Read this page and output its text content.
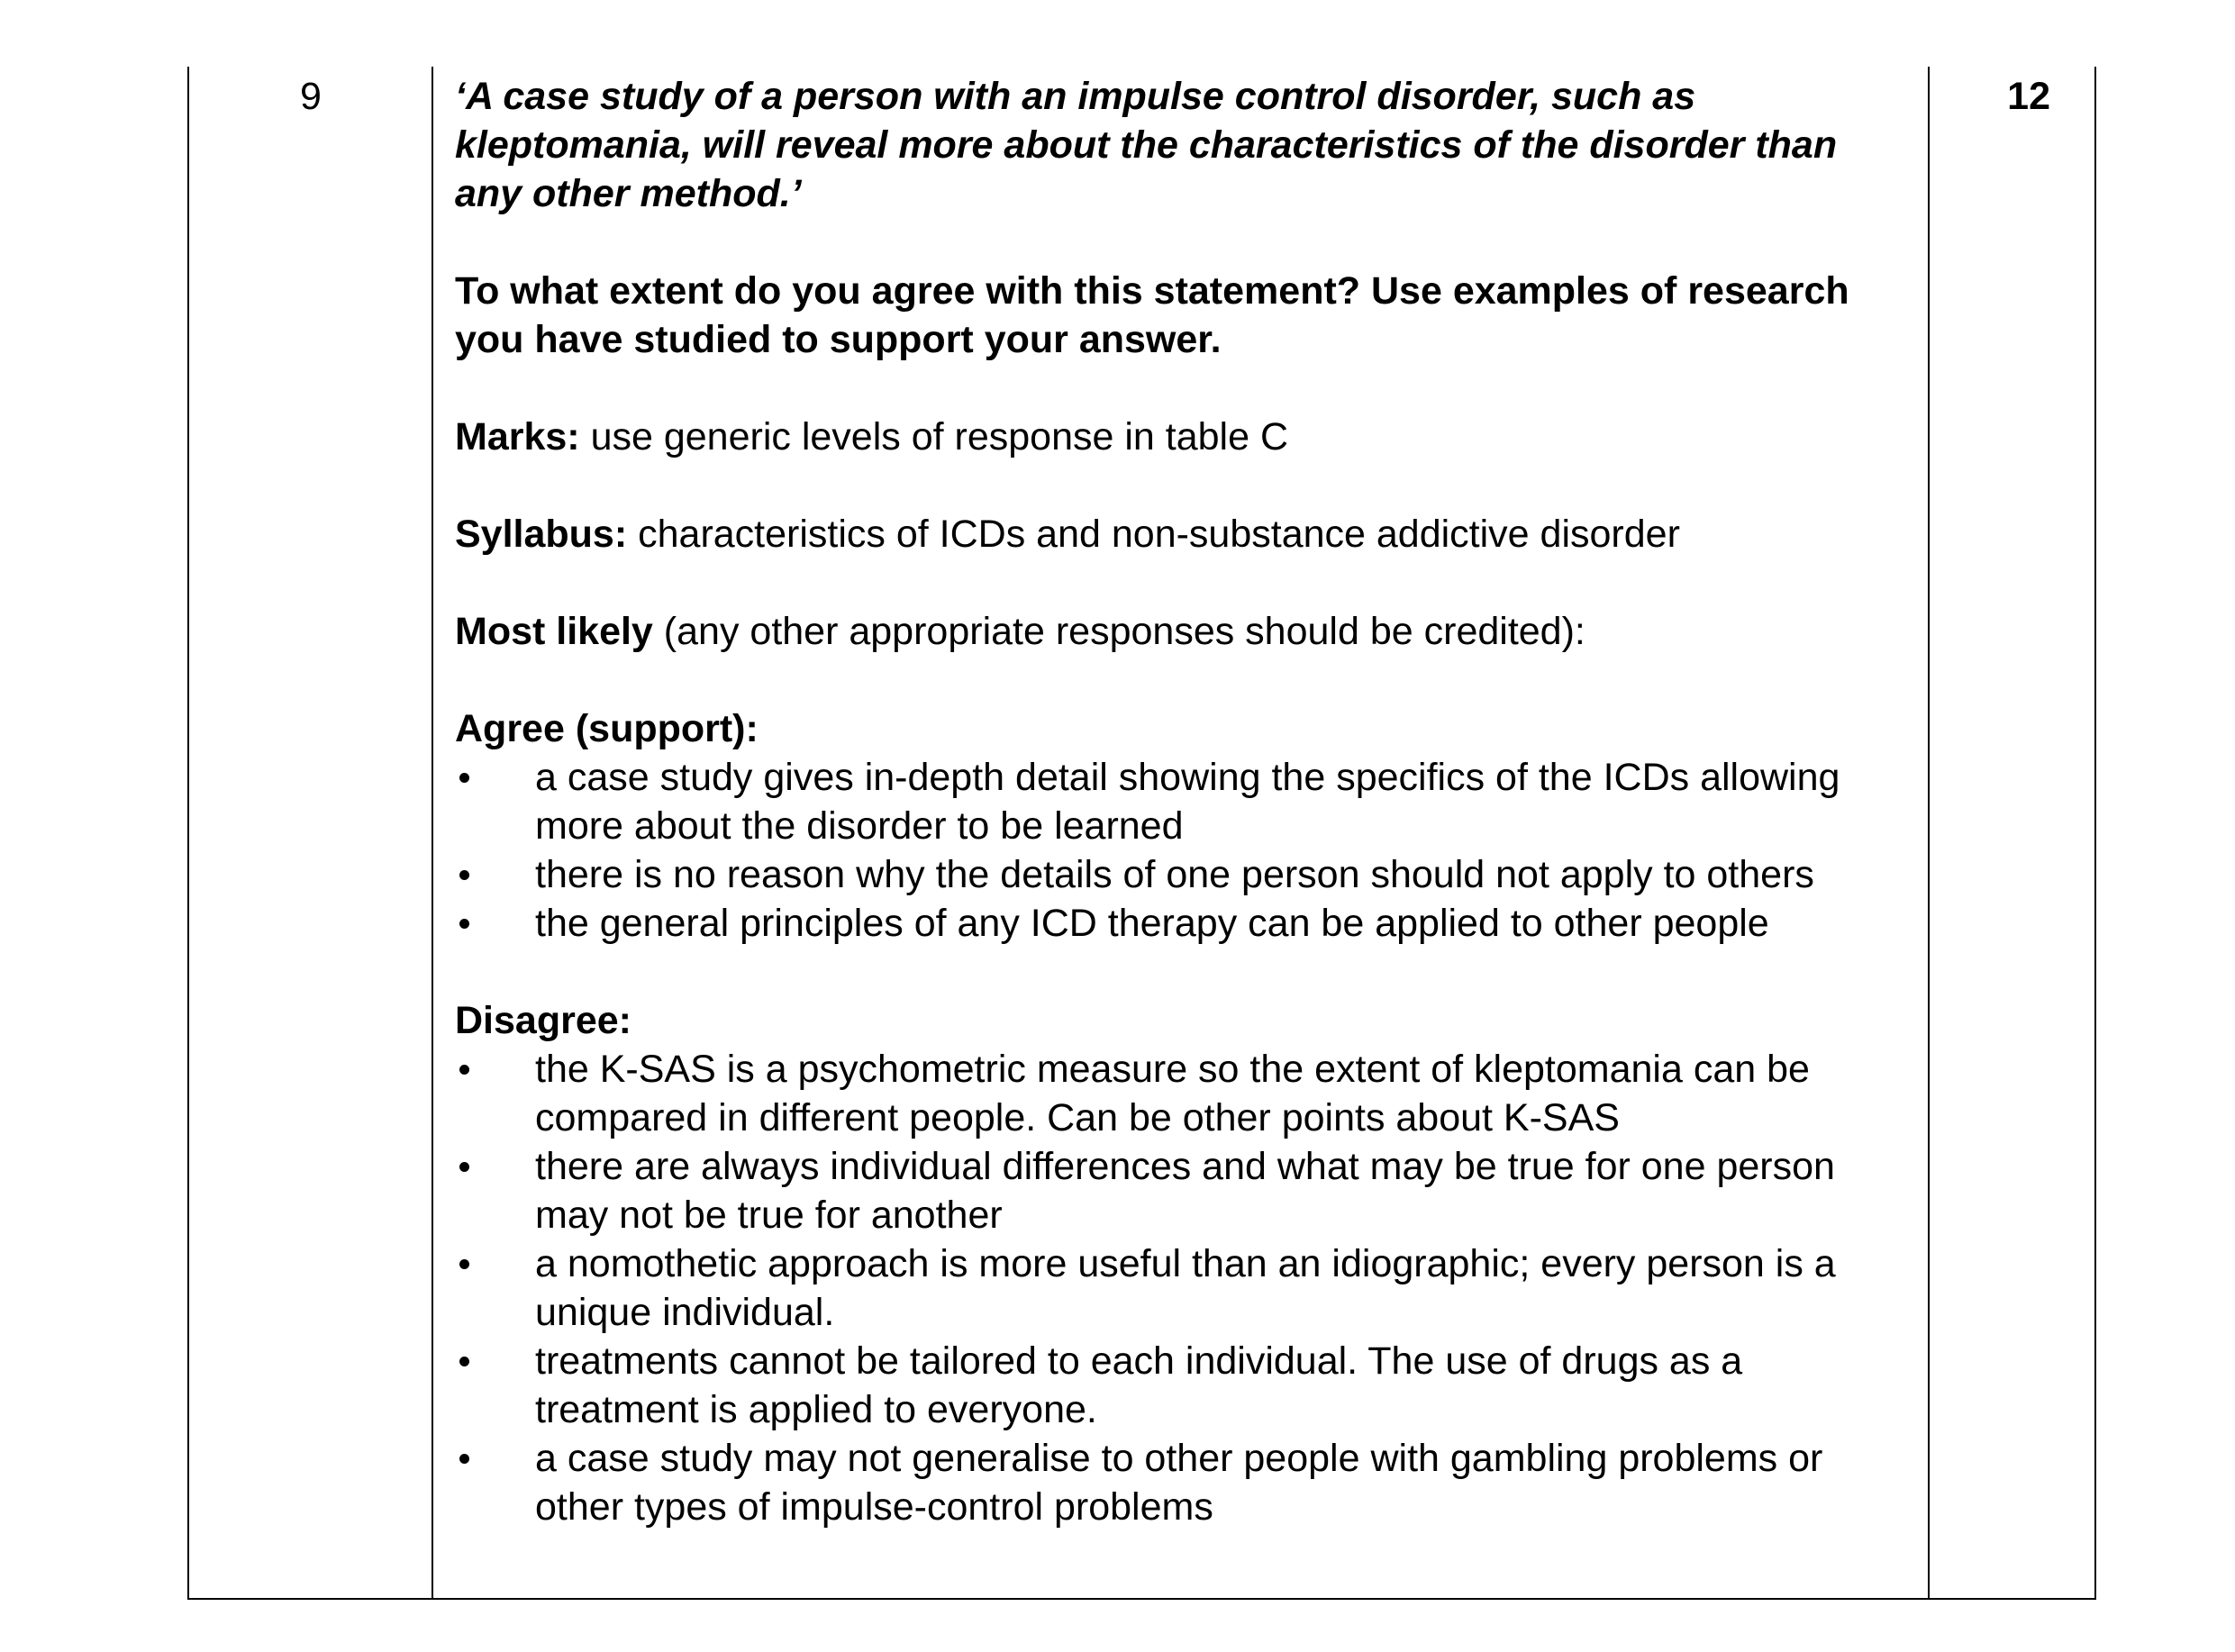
9	‘A case study of a person with an impulse control disorder, such as kleptomania, will reveal more about the characteristics of the disorder than any other method.’

To what extent do you agree with this statement? Use examples of research you have studied to support your answer.

Marks: use generic levels of response in table C

Syllabus: characteristics of ICDs and non-substance addictive disorder

Most likely (any other appropriate responses should be credited):

Agree (support):

a case study gives in-depth detail showing the specifics of the ICDs allowing more about the disorder to be learned
there is no reason why the details of one person should not apply to others
the general principles of any ICD therapy can be applied to other people

Disagree:

the K-SAS is a psychometric measure so the extent of kleptomania can be compared in different people. Can be other points about K-SAS
there are always individual differences and what may be true for one person may not be true for another
a nomothetic approach is more useful than an idiographic; every person is a unique individual.
treatments cannot be tailored to each individual. The use of drugs as a treatment is applied to everyone.
a case study may not generalise to other people with gambling problems or other types of impulse-control problems
12
